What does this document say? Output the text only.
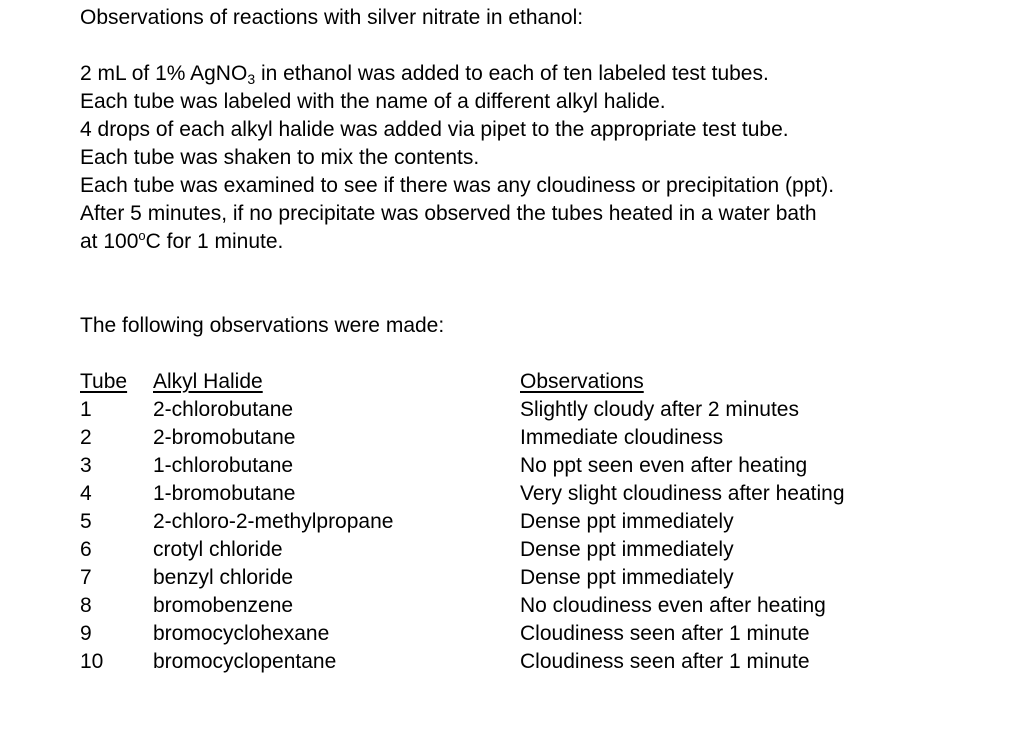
Observations of reactions with silver nitrate in ethanol:
2 mL of 1% AgNO$_3$ in ethanol was added to each of ten labeled test tubes.
Each tube was labeled with the name of a different alkyl halide.
4 drops of each alkyl halide was added via pipet to the appropriate test tube.
Each tube was shaken to mix the contents.
Each tube was examined to see if there was any cloudiness or precipitation (ppt).
After 5 minutes, if no precipitate was observed the tubes heated in a water bath
at 100$^o$C for 1 minute.
The following observations were made:
Tube	Alkyl Halide	Observations
1	2-chlorobutane	Slightly cloudy after 2 minutes
2	2-bromobutane	Immediate cloudiness
3	1-chlorobutane	No ppt seen even after heating
4	1-bromobutane	Very slight cloudiness after heating
5	2-chloro-2-methylpropane	Dense ppt immediately
6	crotyl chloride	Dense ppt immediately
7	benzyl chloride	Dense ppt immediately
8	bromobenzene	No cloudiness even after heating
9	bromocyclohexane	Cloudiness seen after 1 minute
10 bromocyclopentane	Cloudiness seen after 1 minute
